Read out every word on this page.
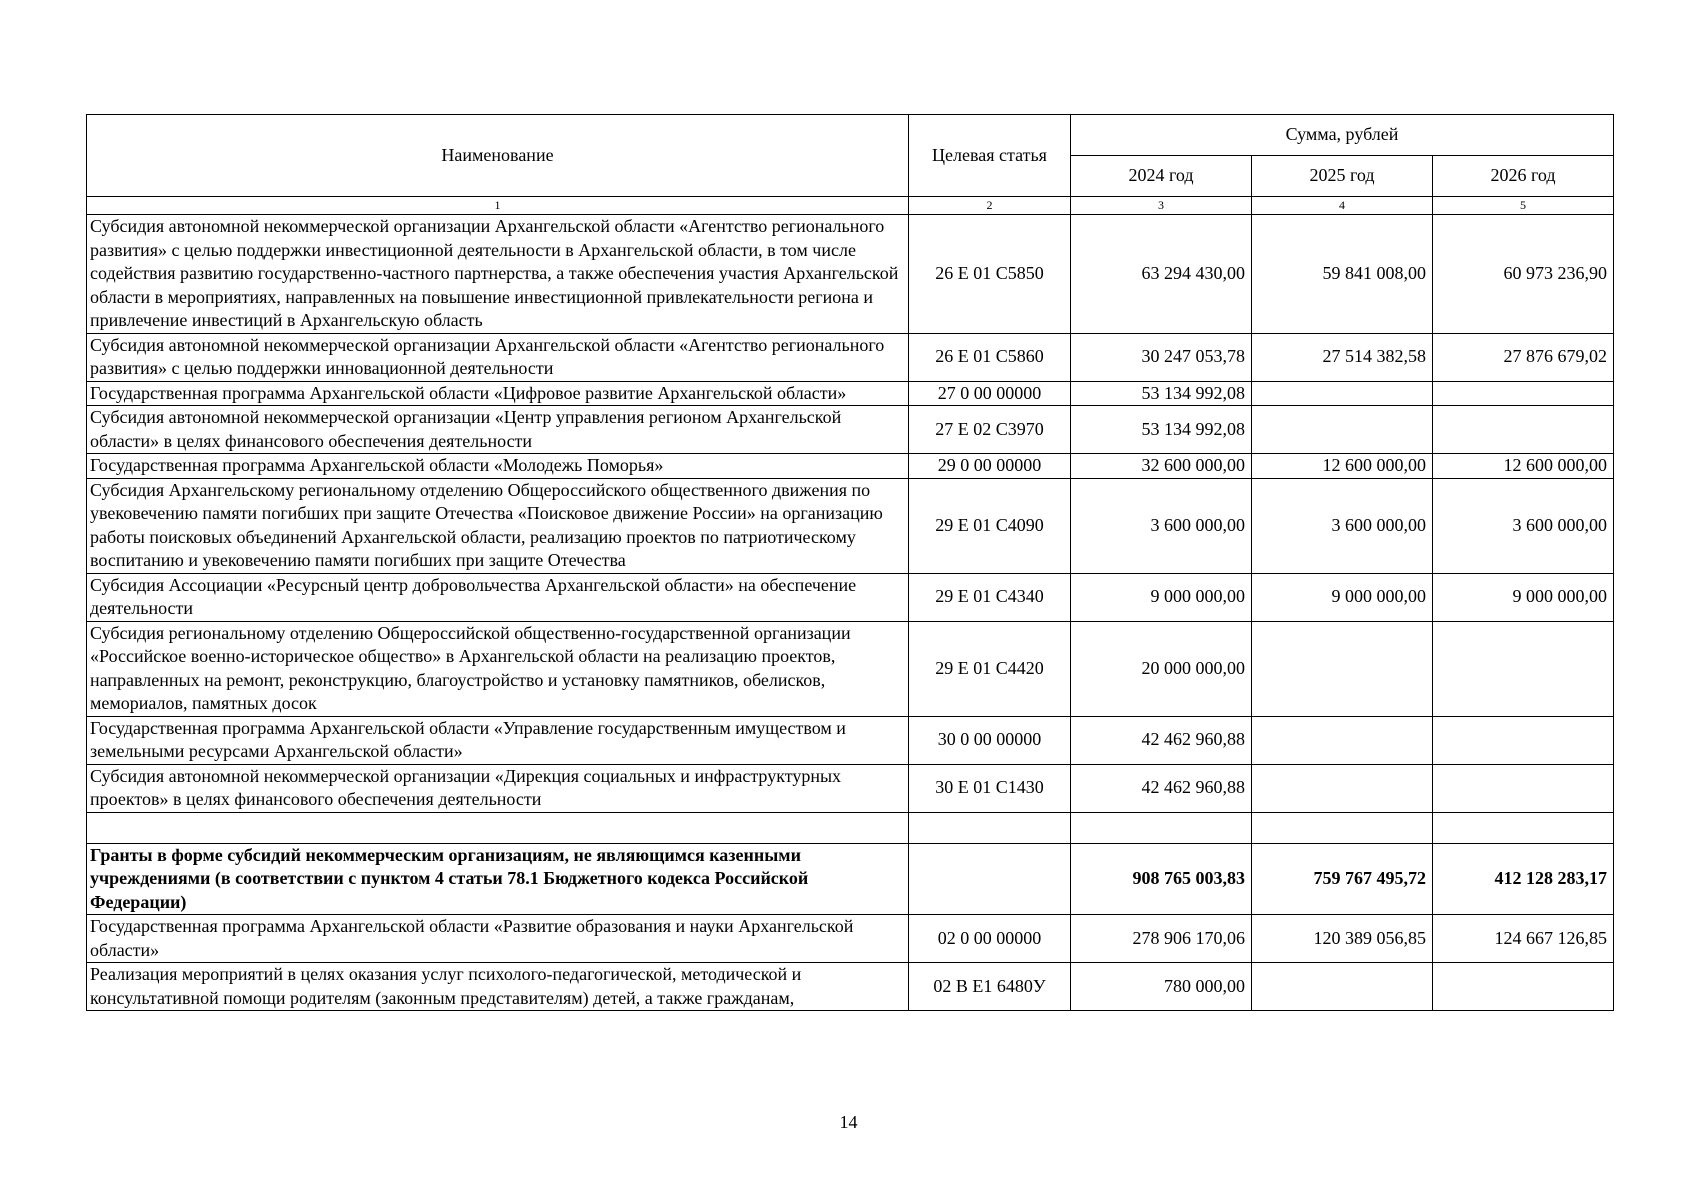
Наименование	Целевая статья	Сумма, рублей		
		2024 год	2025 год	2026 год
1	2	3	4	5
Субсидия автономной некоммерческой организации Архангельской области «Агентство регионального развития» с целью поддержки инвестиционной деятельности в Архангельской области, в том числе содействия развитию государственно-частного партнерства, а также обеспечения участия Архангельской области в мероприятиях, направленных на повышение инвестиционной привлекательности региона и привлечение инвестиций в Архангельскую область	26 Е 01 С5850	63 294 430,00	59 841 008,00	60 973 236,90
Субсидия автономной некоммерческой организации Архангельской области «Агентство регионального развития» с целью поддержки инновационной деятельности	26 Е 01 С5860	30 247 053,78	27 514 382,58	27 876 679,02
Государственная программа Архангельской области «Цифровое развитие Архангельской области»	27 0 00 00000	53 134 992,08		
Субсидия автономной некоммерческой организации «Центр управления регионом Архангельской области» в целях финансового обеспечения деятельности	27 Е 02 С3970	53 134 992,08		
Государственная программа Архангельской области «Молодежь Поморья»	29 0 00 00000	32 600 000,00	12 600 000,00	12 600 000,00
Субсидия Архангельскому региональному отделению Общероссийского общественного движения по увековечению памяти погибших при защите Отечества «Поисковое движение России» на организацию работы поисковых объединений Архангельской области, реализацию проектов по патриотическому воспитанию и увековечению памяти погибших при защите Отечества	29 Е 01 С4090	3 600 000,00	3 600 000,00	3 600 000,00
Субсидия Ассоциации «Ресурсный центр добровольчества Архангельской области» на обеспечение деятельности	29 Е 01 С4340	9 000 000,00	9 000 000,00	9 000 000,00
Субсидия региональному отделению Общероссийской общественно-государственной организации «Российское военно-историческое общество» в Архангельской области на реализацию проектов, направленных на ремонт, реконструкцию, благоустройство и установку памятников, обелисков, мемориалов, памятных досок	29 Е 01 С4420	20 000 000,00		
Государственная программа Архангельской области «Управление государственным имуществом и земельными ресурсами Архангельской области»	30 0 00 00000	42 462 960,88		
Субсидия автономной некоммерческой организации «Дирекция социальных и инфраструктурных проектов» в целях финансового обеспечения деятельности	30 Е 01 С1430	42 462 960,88		

Гранты в форме субсидий некоммерческим организациям, не являющимся казенными учреждениями (в соответствии с пунктом 4 статьи 78.1 Бюджетного кодекса Российской Федерации)		908 765 003,83	759 767 495,72	412 128 283,17
Государственная программа Архангельской области «Развитие образования и науки Архангельской области»	02 0 00 00000	278 906 170,06	120 389 056,85	124 667 126,85
Реализация мероприятий в целях оказания услуг психолого-педагогической, методической и консультативной помощи родителям (законным представителям) детей, а также гражданам,	02 В Е1 6480У	780 000,00		
14
